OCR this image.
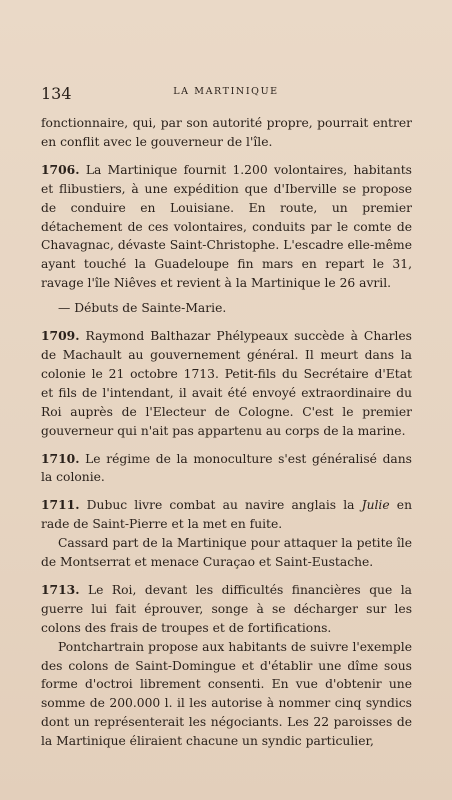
134	LA MARTINIQUE

fonctionnaire, qui, par son autorité propre, pourrait entrer en conflit avec le gouverneur de l'île.

1706. La Martinique fournit 1.200 volontaires, habitants et flibustiers, à une expédition que d'Iberville se propose de conduire en Louisiane. En route, un premier détachement de ces volontaires, conduits par le comte de Chavagnac, dévaste Saint-Christophe. L'escadre elle-même ayant touché la Guadeloupe fin mars en repart le 31, ravage l'île Niêves et revient à la Martinique le 26 avril.

— Débuts de Sainte-Marie.

1709. Raymond Balthazar Phélypeaux succède à Charles de Machault au gouvernement général. Il meurt dans la colonie le 21 octobre 1713. Petit-fils du Secrétaire d'Etat et fils de l'intendant, il avait été envoyé extraordinaire du Roi auprès de l'Electeur de Cologne. C'est le premier gouverneur qui n'ait pas appartenu au corps de la marine.

1710. Le régime de la monoculture s'est généralisé dans la colonie.

1711. Dubuc livre combat au navire anglais la Julie en rade de Saint-Pierre et la met en fuite.

Cassard part de la Martinique pour attaquer la petite île de Montserrat et menace Curaçao et Saint-Eustache.

1713. Le Roi, devant les difficultés financières que la guerre lui fait éprouver, songe à se décharger sur les colons des frais de troupes et de fortifications.

Pontchartrain propose aux habitants de suivre l'exemple des colons de Saint-Domingue et d'établir une dîme sous forme d'octroi librement consenti. En vue d'obtenir une somme de 200.000 l. il les autorise à nommer cinq syndics dont un représenterait les négociants. Les 22 paroisses de la Martinique éliraient chacune un syndic particulier,
